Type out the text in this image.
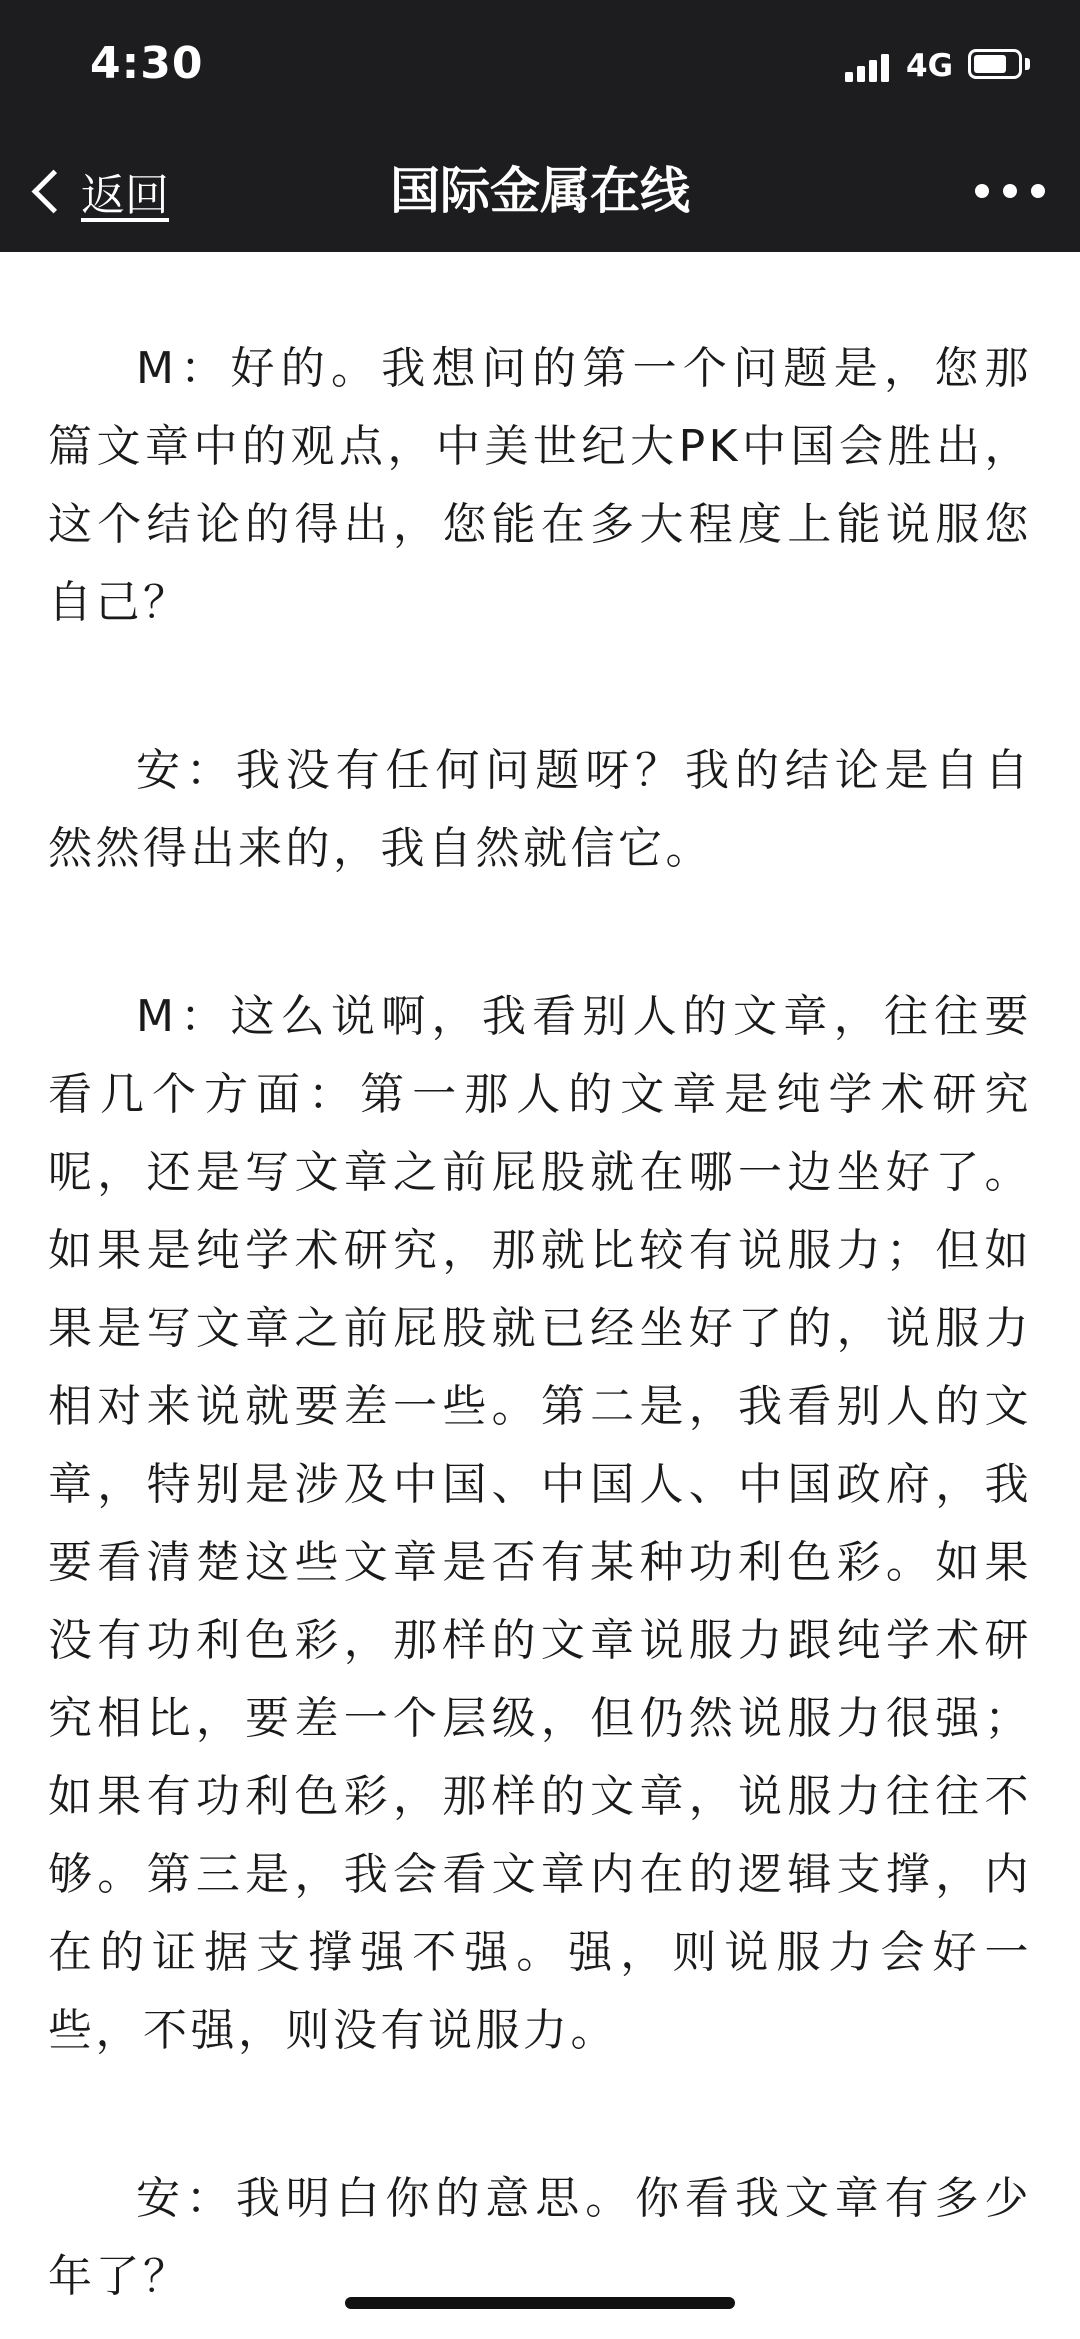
4:30	4G
返回	国际金属在线

M：好的。我想问的第一个问题是，您那篇文章中的观点，中美世纪大PK中国会胜出，这个结论的得出，您能在多大程度上能说服您自己？

安：我没有任何问题呀？我的结论是自自然然得出来的，我自然就信它。

M：这么说啊，我看别人的文章，往往要看几个方面：第一那人的文章是纯学术研究呢，还是写文章之前屁股就在哪一边坐好了。如果是纯学术研究，那就比较有说服力；但如果是写文章之前屁股就已经坐好了的，说服力相对来说就要差一些。第二是，我看别人的文章，特别是涉及中国、中国人、中国政府，我要看清楚这些文章是否有某种功利色彩。如果没有功利色彩，那样的文章说服力跟纯学术研究相比，要差一个层级，但仍然说服力很强；如果有功利色彩，那样的文章，说服力往往不够。第三是，我会看文章内在的逻辑支撑，内在的证据支撑强不强。强，则说服力会好一些，不强，则没有说服力。

安：我明白你的意思。你看我文章有多少年了？
